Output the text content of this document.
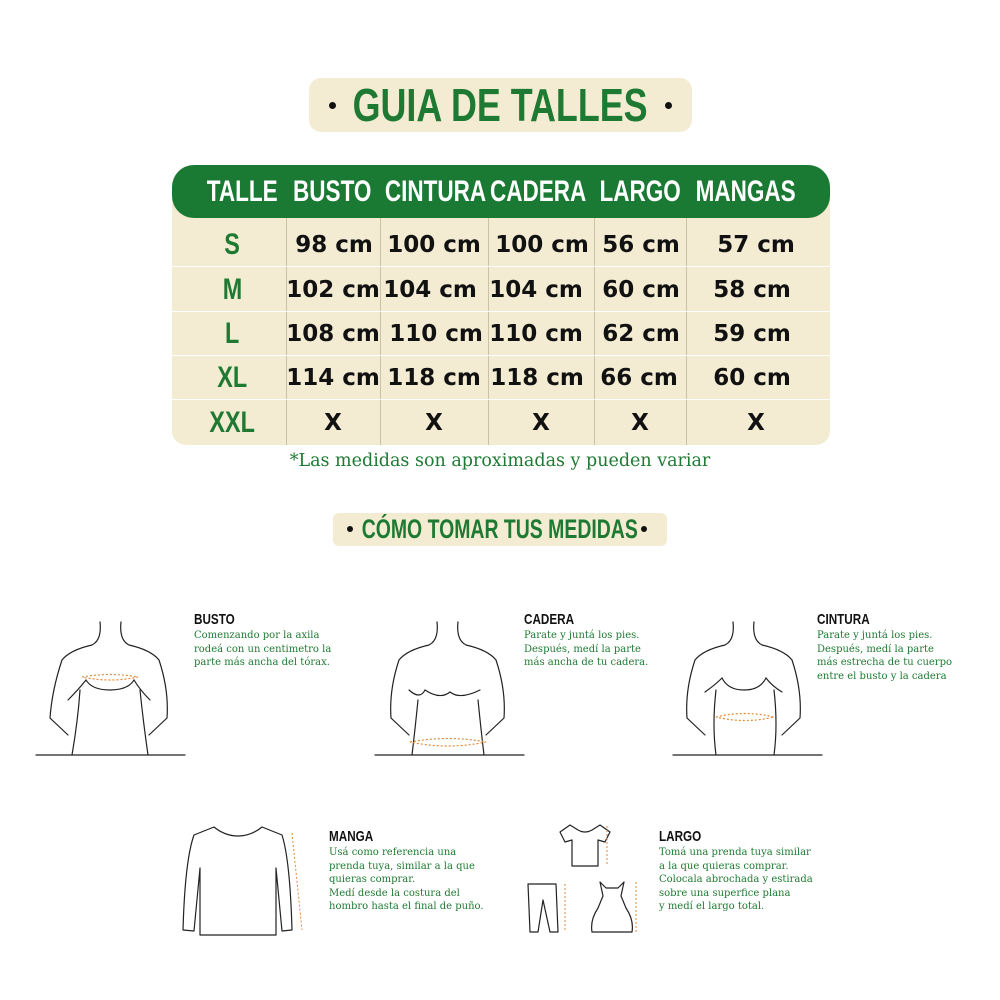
GUIA DE TALLES
TALLE BUSTO CINTURA CADERA LARGO MANGAS
S	98 cm 100 cm 100 cm 56 cm	57 cm
M 102 cm 104 cm 104 cm 60 cm	58 cm
L 108 cm 110 cm 110 cm 62 cm	59 cm
XL 114 cm 118 cm 118 cm 66 cm	60 cm
XXL	X	X	X	X	X
*Las medidas son aproximadas y pueden variar
CÓMO TOMAR TUS MEDIDAS
BUSTO
Comenzando por la axila
rodeá con un centimetro la
parte más ancha del tórax.
CADERA
Parate y juntá los pies.
Después, medí la parte
más ancha de tu cadera.
CINTURA
Parate y juntá los pies.
Después, medí la parte
más estrecha de tu cuerpo
entre el busto y la cadera
MANGA
Usá como referencia una
prenda tuya, similar a la que
quieras comprar.
Medí desde la costura del
hombro hasta el final de puño.
LARGO
Tomá una prenda tuya similar
a la que quieras comprar.
Colocala abrochada y estirada
sobre una superfice plana
y medí el largo total.
